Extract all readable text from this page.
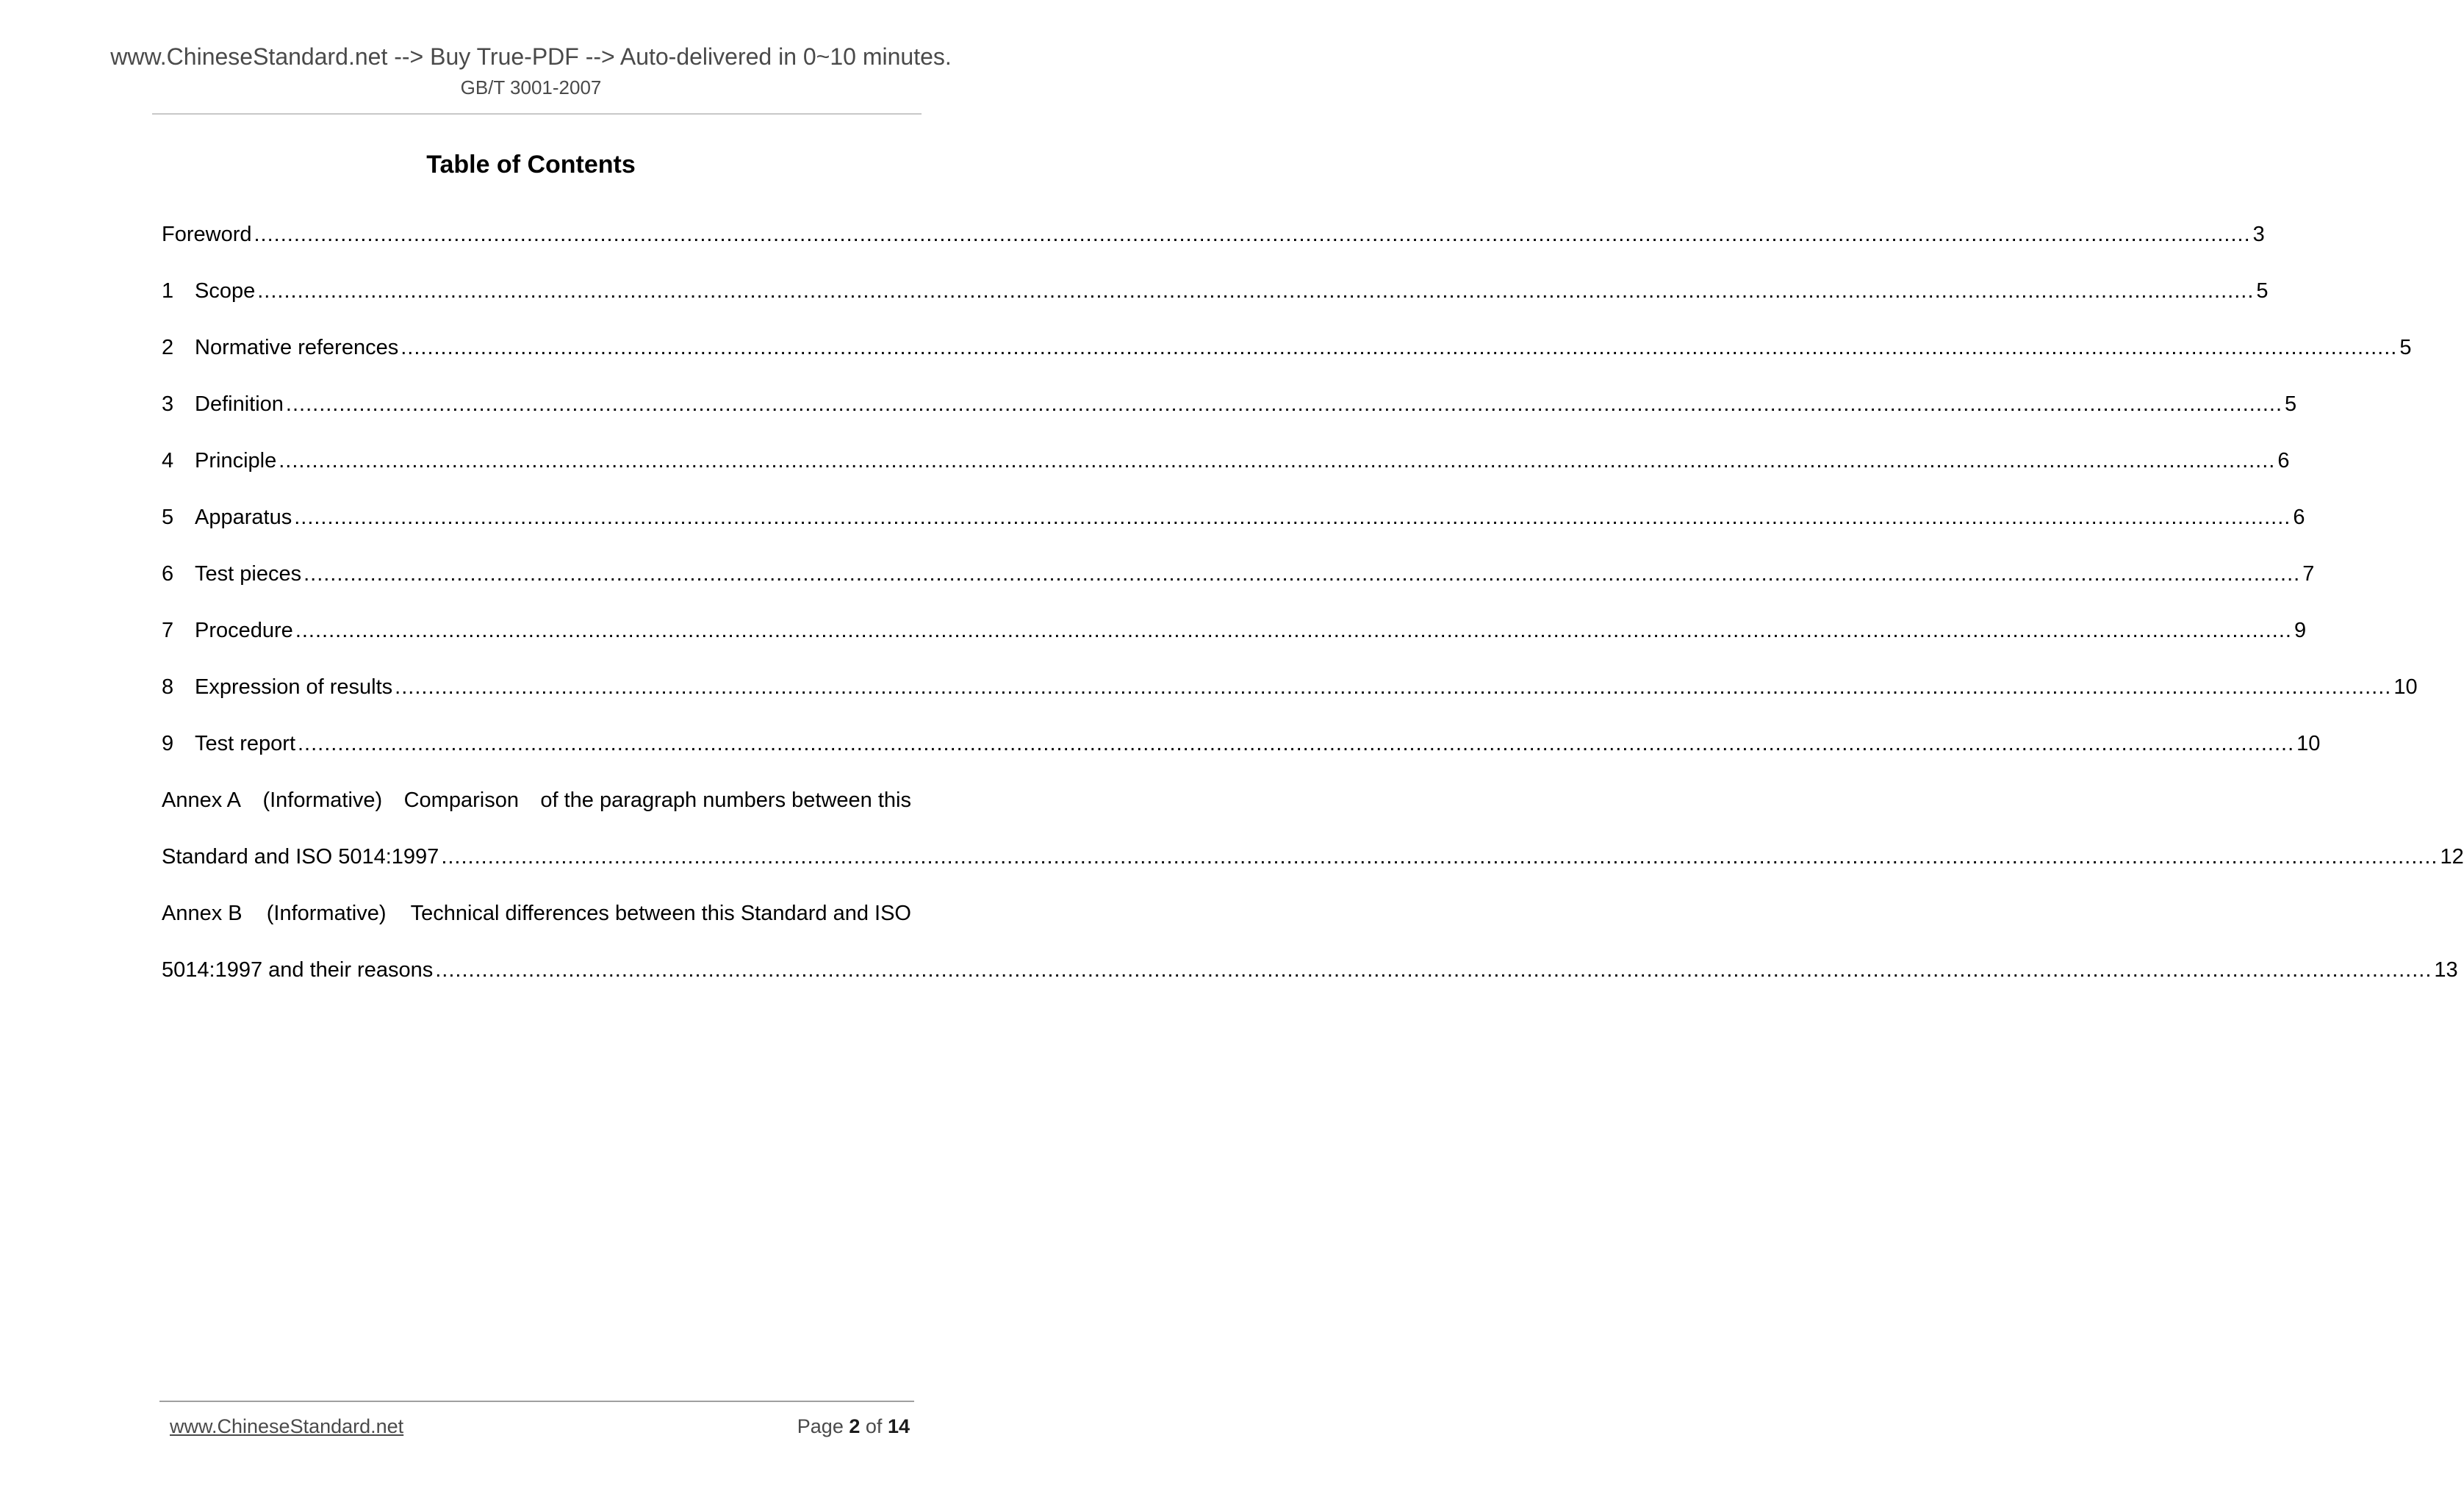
www.ChineseStandard.net --> Buy True-PDF --> Auto-delivered in 0~10 minutes.
GB/T 3001-2007
Table of Contents
Foreword ............................................................................................................................................................................................................................................................................................................ 3
1 Scope ............................................................................................................................................................................................................................................................................................................ 5
2 Normative references ............................................................................................................................................................................................................................................................................................................ 5
3 Definition ............................................................................................................................................................................................................................................................................................................ 5
4 Principle ............................................................................................................................................................................................................................................................................................................ 6
5 Apparatus ............................................................................................................................................................................................................................................................................................................ 6
6 Test pieces ............................................................................................................................................................................................................................................................................................................ 7
7 Procedure ............................................................................................................................................................................................................................................................................................................ 9
8 Expression of results ............................................................................................................................................................................................................................................................................................................ 10
9 Test report ............................................................................................................................................................................................................................................................................................................ 10
Annex A (Informative) Comparison of the paragraph numbers between this
Standard and ISO 5014:1997 ............................................................................................................................................................................................................................................................................................................ 12
Annex B (Informative) Technical differences between this Standard and ISO
5014:1997 and their reasons ............................................................................................................................................................................................................................................................................................................ 13
www.ChineseStandard.net	Page 2 of 14
